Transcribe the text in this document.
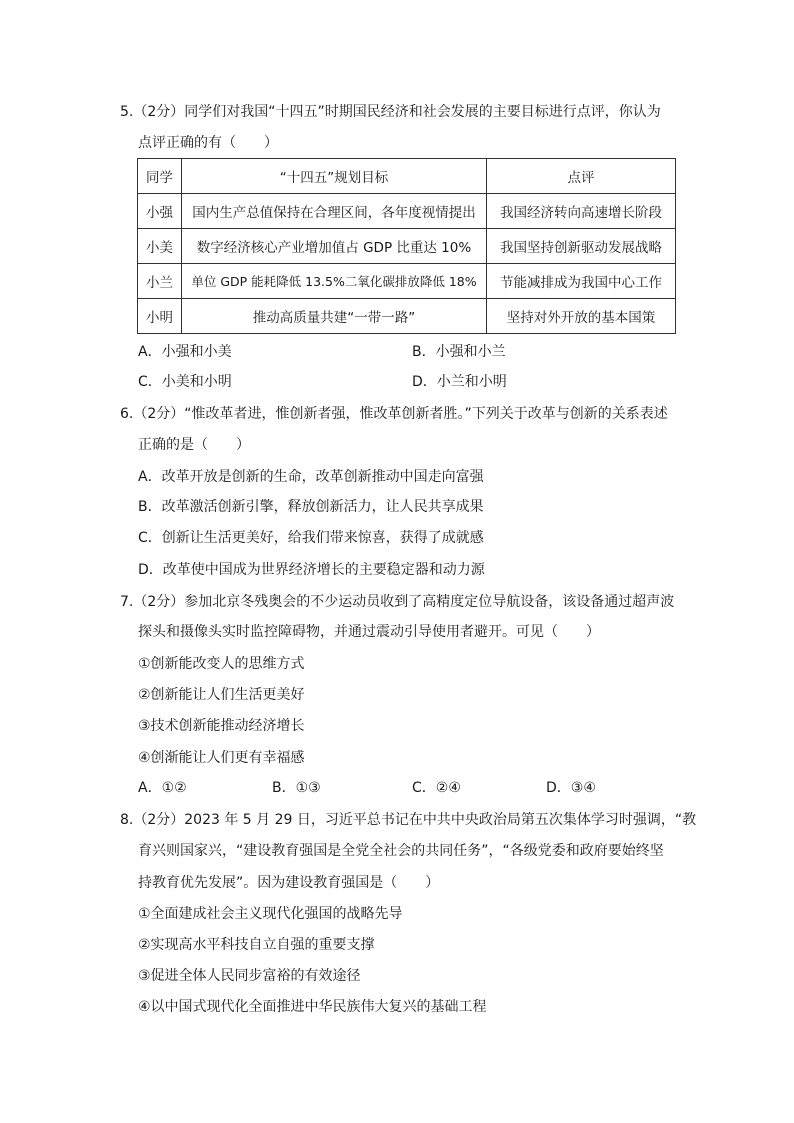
5.（2分）同学们对我国“十四五”时期国民经济和社会发展的主要目标进行点评，你认为
点评正确的有（　　）
同学	“十四五”规划目标	点评
小强	国内生产总值保持在合理区间，各年度视情提出	我国经济转向高速增长阶段
小美	数字经济核心产业增加值占 GDP 比重达 10%	我国坚持创新驱动发展战略
小兰	单位 GDP 能耗降低 13.5%二氧化碳排放降低 18%	节能减排成为我国中心工作
小明	推动高质量共建“一带一路”	坚持对外开放的基本国策
A．小强和小美	B．小强和小兰
C．小美和小明	D．小兰和小明
6.（2分）“惟改革者进，惟创新者强，惟改革创新者胜。”下列关于改革与创新的关系表述
正确的是（　　）
A．改革开放是创新的生命，改革创新推动中国走向富强
B．改革激活创新引擎，释放创新活力，让人民共享成果
C．创新让生活更美好，给我们带来惊喜，获得了成就感
D．改革使中国成为世界经济增长的主要稳定器和动力源
7.（2分）参加北京冬残奥会的不少运动员收到了高精度定位导航设备，该设备通过超声波
探头和摄像头实时监控障碍物，并通过震动引导使用者避开。可见（　　）
①创新能改变人的思维方式
②创新能让人们生活更美好
③技术创新能推动经济增长
④创渐能让人们更有幸福感
A．①②	B．①③	C．②④	D．③④
8.（2分）2023 年 5 月 29 日，习近平总书记在中共中央政治局第五次集体学习时强调，“教
育兴则国家兴，“建设教育强国是全党全社会的共同任务”，“各级党委和政府要始终坚
持教育优先发展”。因为建设教育强国是（　　）
①全面建成社会主义现代化强国的战略先导
②实现高水平科技自立自强的重要支撑
③促进全体人民同步富裕的有效途径
④以中国式现代化全面推进中华民族伟大复兴的基础工程
